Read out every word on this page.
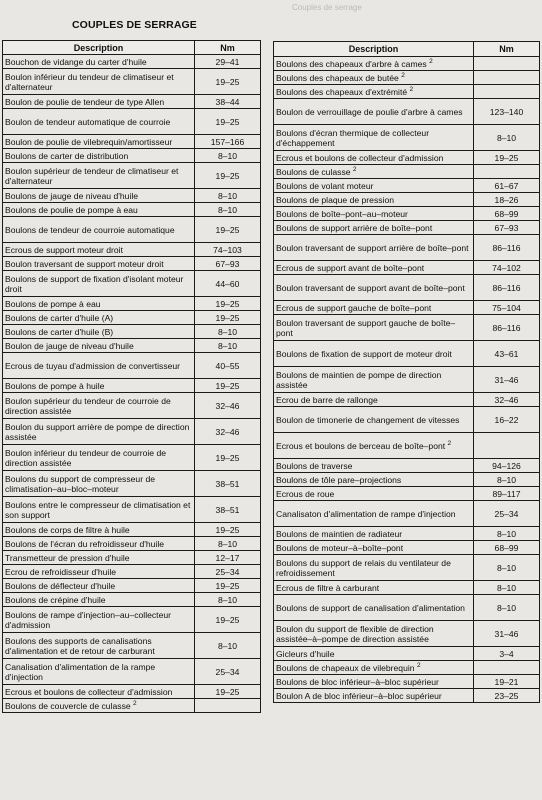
Couples de serrage
COUPLES DE SERRAGE
Description	Nm
Bouchon de vidange du carter d'huile	29–41
Boulon inférieur du tendeur de climatiseur et d'alternateur	19–25
Boulon de poulie de tendeur de type Allen	38–44
Boulon de tendeur automatique de courroie	19–25
Boulon de poulie de vilebrequin/amortisseur	157–166
Boulons de carter de distribution	8–10
Boulon supérieur de tendeur de climatiseur et d'alternateur	19–25
Boulons de jauge de niveau d'huile	8–10
Boulons de poulie de pompe à eau	8–10
Boulons de tendeur de courroie automatique	19–25
Ecrous de support moteur droit	74–103
Boulon traversant de support moteur droit	67–93
Boulons de support de fixation d'isolant moteur droit	44–60
Boulons de pompe à eau	19–25
Boulons de carter d'huile (A)	19–25
Boulons de carter d'huile (B)	8–10
Boulon de jauge de niveau d'huile	8–10
Ecrous de tuyau d'admission de convertisseur	40–55
Boulons de pompe à huile	19–25
Boulon supérieur du tendeur de courroie de direction assistée	32–46
Boulon du support arrière de pompe de direction assistée	32–46
Boulon inférieur du tendeur de courroie de direction assistée	19–25
Boulons du support de compresseur de climatisation–au–bloc–moteur	38–51
Boulons entre le compresseur de climatisation et son support	38–51
Boulons de corps de filtre à huile	19–25
Boulons de l'écran du refroidisseur d'huile	8–10
Transmetteur de pression d'huile	12–17
Ecrou de refroidisseur d'huile	25–34
Boulons de déflecteur d'huile	19–25
Boulons de crépine d'huile	8–10
Boulons de rampe d'injection–au–collecteur d'admission	19–25
Boulons des supports de canalisations d'alimentation et de retour de carburant	8–10
Canalisation d'alimentation de la rampe d'injection	25–34
Ecrous et boulons de collecteur d'admission	19–25
Boulons de couvercle de culasse $^2$	
Description	Nm
Boulons des chapeaux d'arbre à cames $^2$	
Boulons des chapeaux de butée $^2$	
Boulons des chapeaux d'extrémité $^2$	
Boulon de verrouillage de poulie d'arbre à cames	123–140
Boulons d'écran thermique de collecteur d'échappement	8–10
Ecrous et boulons de collecteur d'admission	19–25
Boulons de culasse $^2$	
Boulons de volant moteur	61–67
Boulons de plaque de pression	18–26
Boulons de boîte–pont–au–moteur	68–99
Boulons de support arrière de boîte–pont	67–93
Boulon traversant de support arrière de boîte–pont	86–116
Ecrous de support avant de boîte–pont	74–102
Boulon traversant de support avant de boîte–pont	86–116
Ecrous de support gauche de boîte–pont	75–104
Boulon traversant de support gauche de boîte–pont	86–116
Boulons de fixation de support de moteur droit	43–61
Boulons de maintien de pompe de direction assistée	31–46
Ecrou de barre de rallonge	32–46
Boulon de timonerie de changement de vitesses	16–22
Ecrous et boulons de berceau de boîte–pont $^2$	
Boulons de traverse	94–126
Boulons de tôle pare–projections	8–10
Ecrous de roue	89–117
Canalisaton d'alimentation de rampe d'injection	25–34
Boulons de maintien de radiateur	8–10
Boulons de moteur–à–boîte–pont	68–99
Boulons du support de relais du ventilateur de refroidissement	8–10
Ecrous de filtre à carburant	8–10
Boulons de support de canalisation d'alimentation	8–10
Boulon du support de flexible de direction assistée–à–pompe de direction assistée	31–46
Gicleurs d'huile	3–4
Boulons de chapeaux de vilebrequin $^2$	
Boulons de bloc inférieur–à–bloc supérieur	19–21
Boulon A de bloc inférieur–à–bloc supérieur	23–25
